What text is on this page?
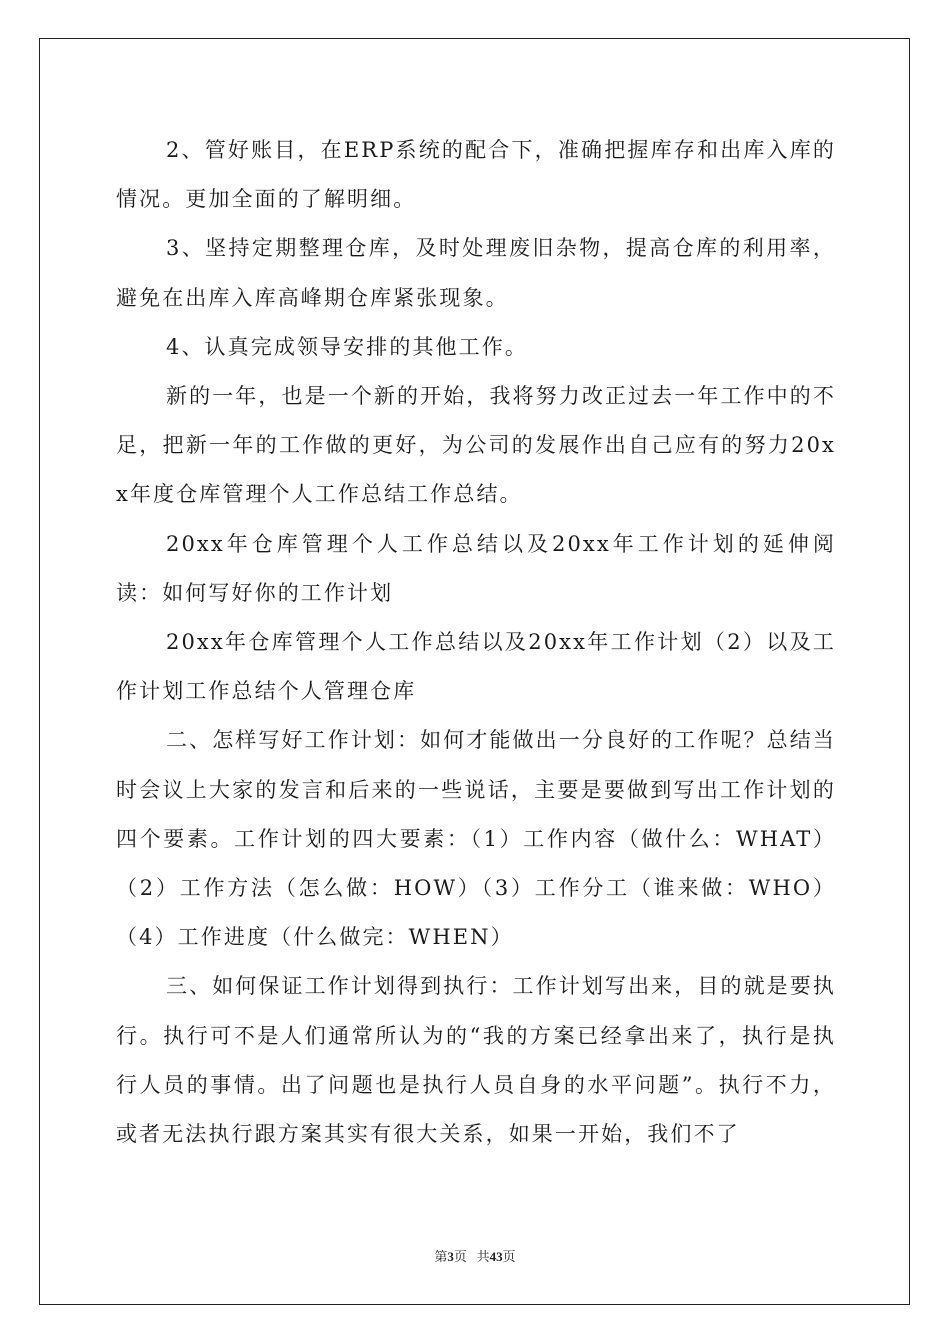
2、管好账目，在ERP系统的配合下，准确把握库存和出库入库的情况。更加全面的了解明细。

3、坚持定期整理仓库，及时处理废旧杂物，提高仓库的利用率，避免在出库入库高峰期仓库紧张现象。

4、认真完成领导安排的其他工作。

新的一年，也是一个新的开始，我将努力改正过去一年工作中的不足，把新一年的工作做的更好，为公司的发展作出自己应有的努力20xx年度仓库管理个人工作总结工作总结。

20xx年仓库管理个人工作总结以及20xx年工作计划的延伸阅读：如何写好你的工作计划

20xx年仓库管理个人工作总结以及20xx年工作计划（2）以及工作计划工作总结个人管理仓库

二、怎样写好工作计划：如何才能做出一分良好的工作呢？总结当时会议上大家的发言和后来的一些说话，主要是要做到写出工作计划的四个要素。工作计划的四大要素：（1）工作内容（做什么：WHAT）（2）工作方法（怎么做：HOW）（3）工作分工（谁来做：WHO）（4）工作进度（什么做完：WHEN）

三、如何保证工作计划得到执行：工作计划写出来，目的就是要执行。执行可不是人们通常所认为的“我的方案已经拿出来了，执行是执行人员的事情。出了问题也是执行人员自身的水平问题”。执行不力，或者无法执行跟方案其实有很大关系，如果一开始，我们不了

第3页 共43页
